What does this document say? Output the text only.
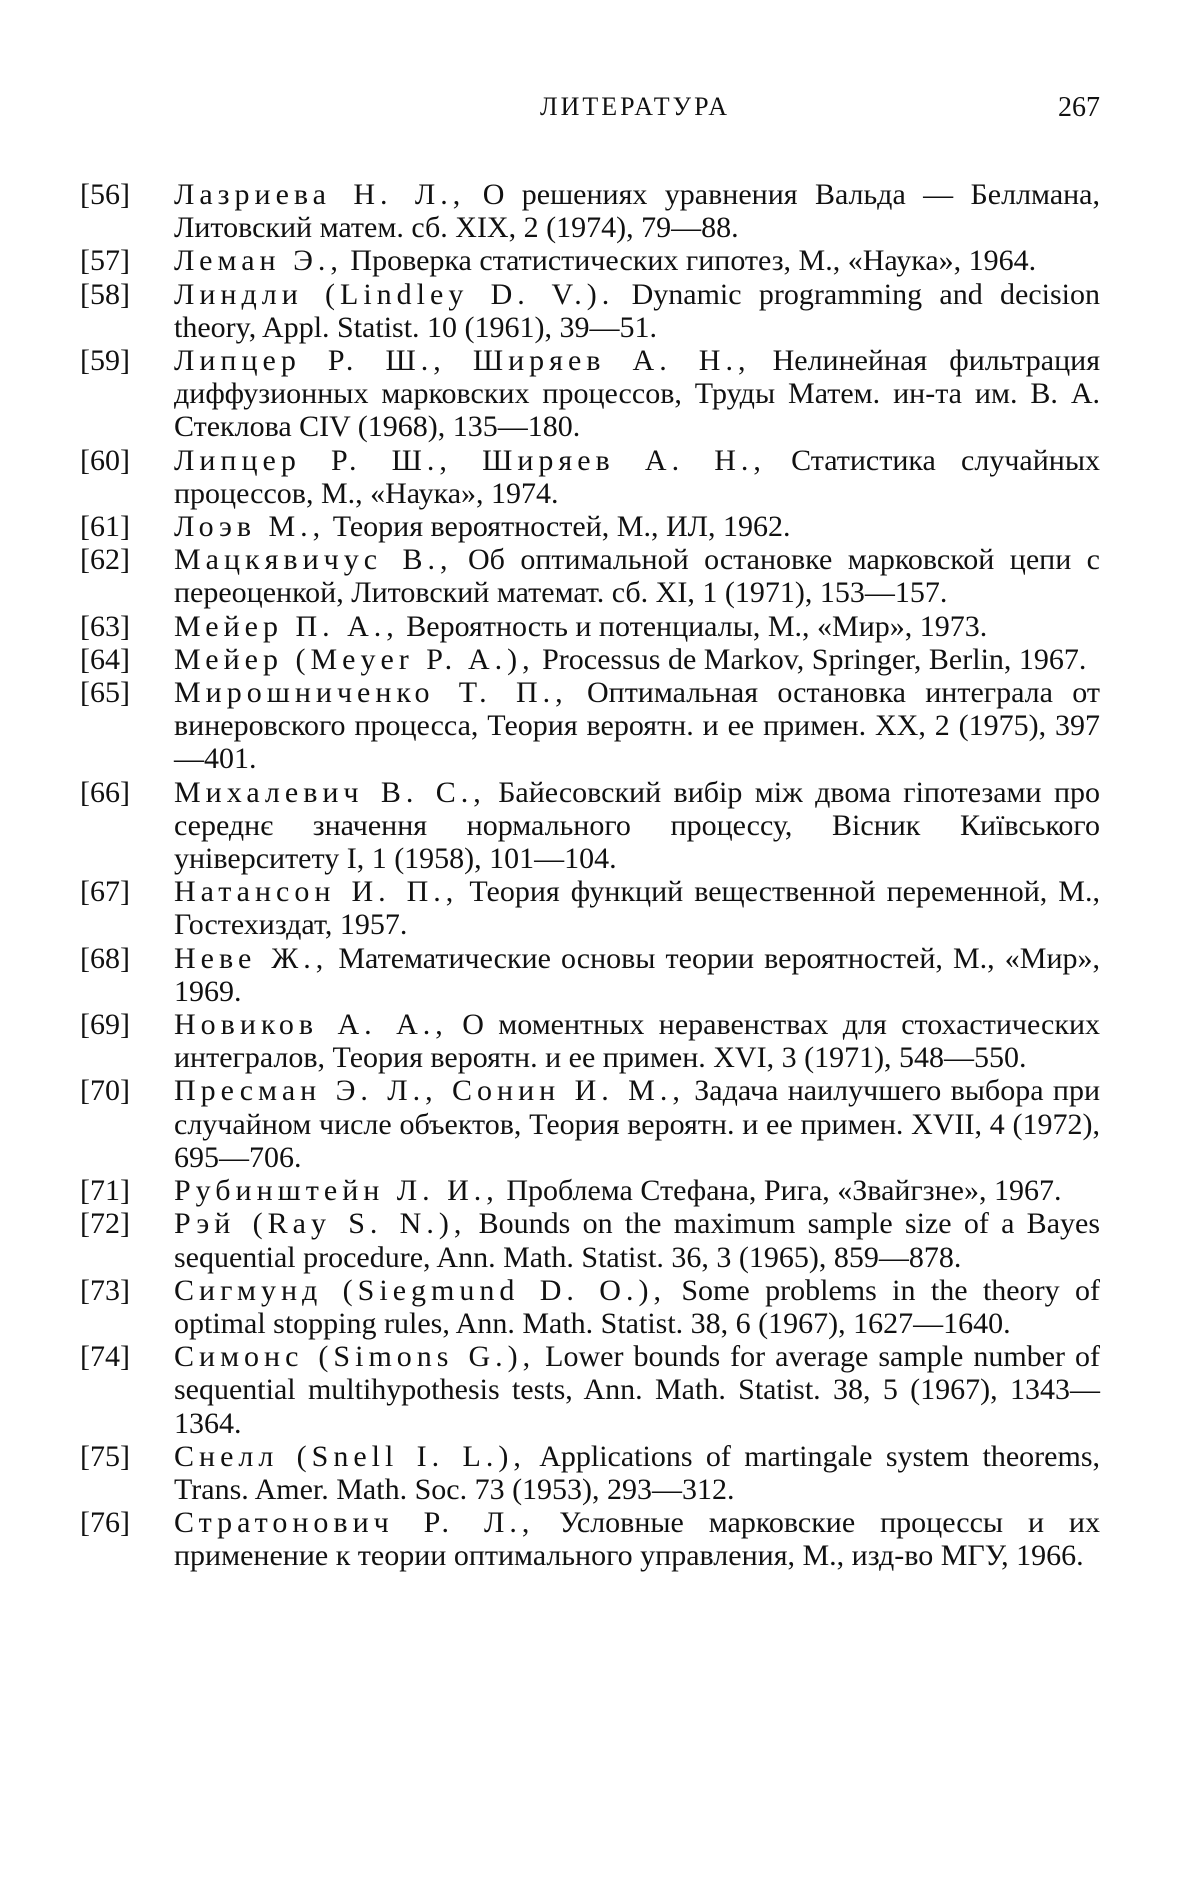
ЛИТЕРАТУРА	267
[56]	Лазриева Н. Л., О решениях уравнения Вальда — Беллмана, Литовский матем. сб. XIX, 2 (1974), 79—88.
[57]	Леман Э., Проверка статистических гипотез, М., «Наука», 1964.
[58]	Линдли (Lindley D. V.). Dynamic programming and decision theory, Appl. Statist. 10 (1961), 39—51.
[59]	Липцер Р. Ш., Ширяев А. Н., Нелинейная фильтрация диффузионных марковских процессов, Труды Матем. ин-та им. В. А. Стеклова CIV (1968), 135—180.
[60]	Липцер Р. Ш., Ширяев А. Н., Статистика случайных процессов, М., «Наука», 1974.
[61]	Лоэв М., Теория вероятностей, М., ИЛ, 1962.
[62]	Мацкявичус В., Об оптимальной остановке марковской цепи с переоценкой, Литовский математ. сб. XI, 1 (1971), 153—157.
[63]	Мейер П. А., Вероятность и потенциалы, М., «Мир», 1973.
[64]	Мейер (Meyer P. A.), Processus de Markov, Springer, Berlin, 1967.
[65]	Мирошниченко Т. П., Оптимальная остановка интеграла от винеровского процесса, Теория вероятн. и ее примен. XX, 2 (1975), 397—401.
[66]	Михалевич В. С., Байесовский вибір між двома гіпотезами про середнє значення нормального процессу, Вісник Київського університету I, 1 (1958), 101—104.
[67]	Натансон И. П., Теория функций вещественной переменной, М., Гостехиздат, 1957.
[68]	Неве Ж., Математические основы теории вероятностей, М., «Мир», 1969.
[69]	Новиков А. А., О моментных неравенствах для стохастических интегралов, Теория вероятн. и ее примен. XVI, 3 (1971), 548—550.
[70]	Пресман Э. Л., Сонин И. М., Задача наилучшего выбора при случайном числе объектов, Теория вероятн. и ее примен. XVII, 4 (1972), 695—706.
[71]	Рубинштейн Л. И., Проблема Стефана, Рига, «Звайгзне», 1967.
[72]	Рэй (Ray S. N.), Bounds on the maximum sample size of a Bayes sequential procedure, Ann. Math. Statist. 36, 3 (1965), 859—878.
[73]	Сигмунд (Siegmund D. O.), Some problems in the theory of optimal stopping rules, Ann. Math. Statist. 38, 6 (1967), 1627—1640.
[74]	Симонс (Simons G.), Lower bounds for average sample number of sequential multihypothesis tests, Ann. Math. Statist. 38, 5 (1967), 1343—1364.
[75]	Снелл (Snell I. L.), Applications of martingale system theorems, Trans. Amer. Math. Soc. 73 (1953), 293—312.
[76]	Стратонович Р. Л., Условные марковские процессы и их применение к теории оптимального управления, М., изд-во МГУ, 1966.
